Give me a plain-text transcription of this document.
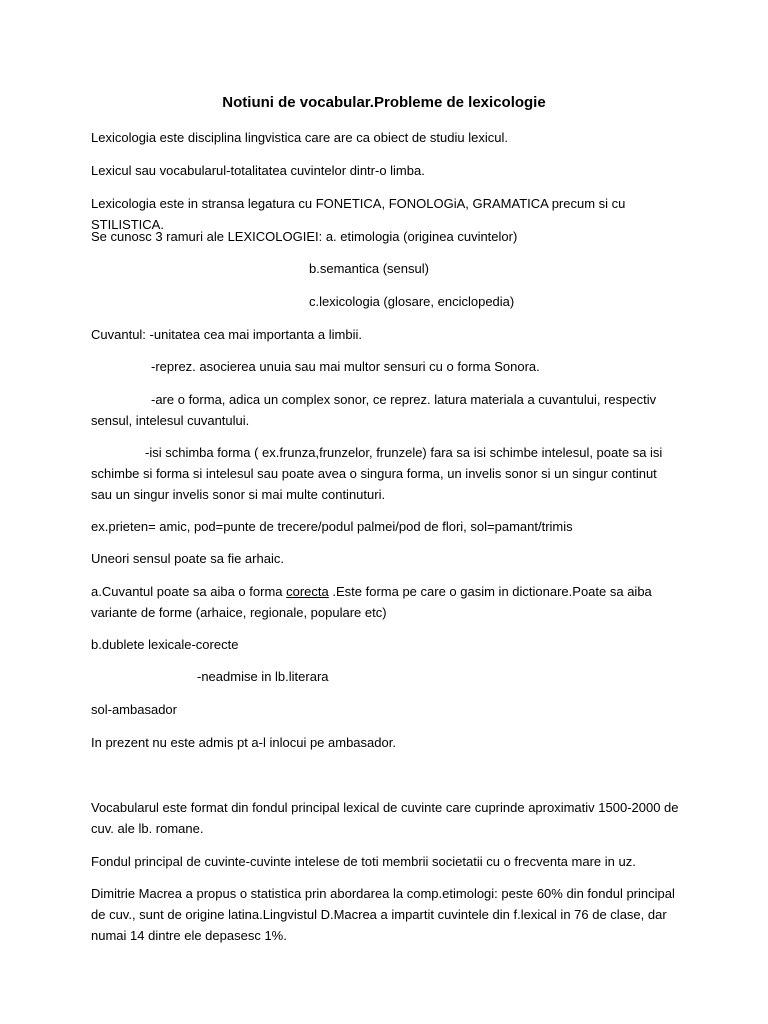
Notiuni de vocabular.Probleme de lexicologie

Lexicologia este disciplina lingvistica care are ca obiect de studiu lexicul.

Lexicul sau vocabularul-totalitatea cuvintelor dintr-o limba.

Lexicologia este in stransa legatura cu FONETICA, FONOLOGiA, GRAMATICA precum si cu STILISTICA.

Se cunosc 3 ramuri ale LEXICOLOGIEI: a. etimologia (originea cuvintelor)

b.semantica (sensul)

c.lexicologia (glosare, enciclopedia)

Cuvantul: -unitatea cea mai importanta a limbii.

-reprez. asocierea unuia sau mai multor sensuri cu o forma Sonora.

-are o forma, adica un complex sonor, ce reprez. latura materiala a cuvantului, respectiv sensul, intelesul cuvantului.

-isi schimba forma ( ex.frunza,frunzelor, frunzele) fara sa isi schimbe intelesul, poate sa isi schimbe si forma si intelesul sau poate avea o singura forma, un invelis sonor si un singur continut sau un singur invelis sonor si mai multe continuturi.

ex.prieten= amic, pod=punte de trecere/podul palmei/pod de flori, sol=pamant/trimis

Uneori sensul poate sa fie arhaic.

a.Cuvantul poate sa aiba o forma corecta .Este forma pe care o gasim in dictionare.Poate sa aiba variante de forme (arhaice, regionale, populare etc)

b.dublete lexicale-corecte

-neadmise in lb.literara

sol-ambasador

In prezent nu este admis pt a-l inlocui pe ambasador.

Vocabularul este format din fondul principal lexical de cuvinte care cuprinde aproximativ 1500-2000 de cuv. ale lb. romane.

Fondul principal de cuvinte-cuvinte intelese de toti membrii societatii cu o frecventa mare in uz.

Dimitrie Macrea a propus o statistica prin abordarea la comp.etimologi: peste 60% din fondul principal de cuv., sunt de origine latina.Lingvistul D.Macrea a impartit cuvintele din f.lexical in 76 de clase, dar numai 14 dintre ele depasesc 1%.
